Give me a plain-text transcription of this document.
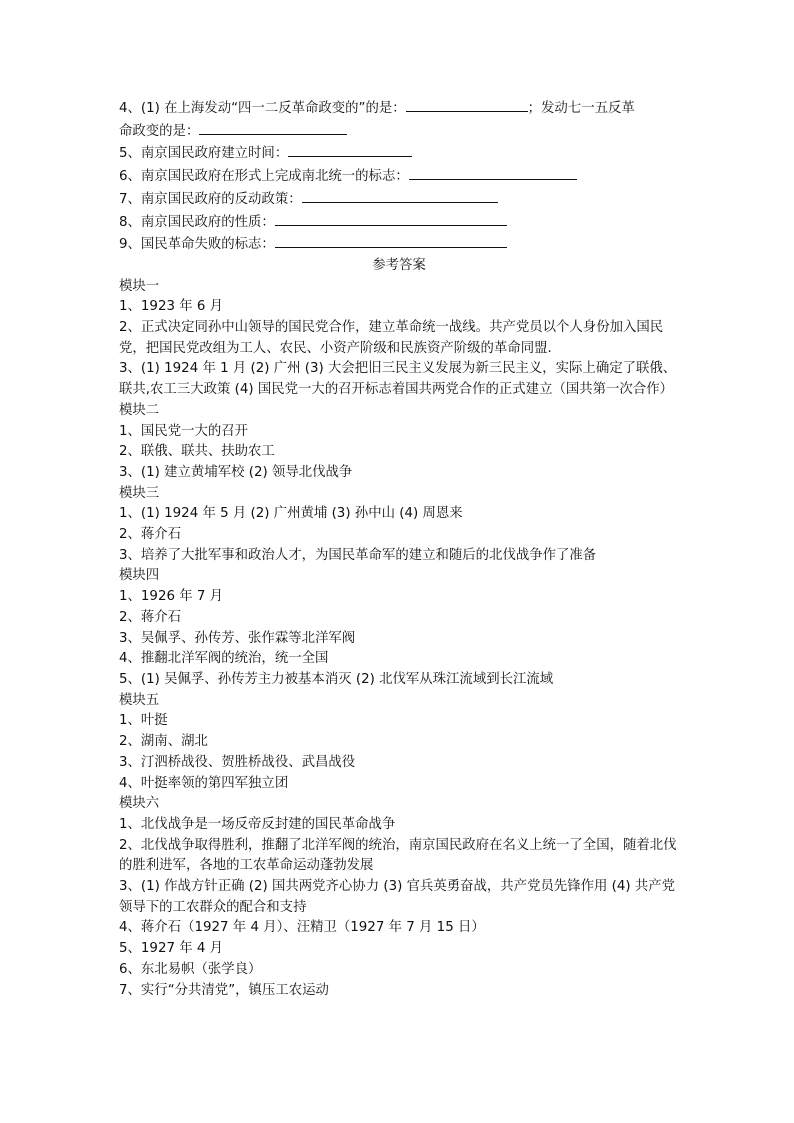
4、(1) 在上海发动“四一二反革命政变的”的是：	；发动七一五反革
命政变的是：
5、南京国民政府建立时间：
6、南京国民政府在形式上完成南北统一的标志：
7、南京国民政府的反动政策：
8、南京国民政府的性质：
9、国民革命失败的标志：
参考答案
模块一
1、1923 年 6 月
2、正式决定同孙中山领导的国民党合作，建立革命统一战线。共产党员以个人身份加入国民党，把国民党改组为工人、农民、小资产阶级和民族资产阶级的革命同盟.
3、(1) 1924 年 1 月 (2) 广州 (3) 大会把旧三民主义发展为新三民主义，实际上确定了联俄、联共,农工三大政策 (4) 国民党一大的召开标志着国共两党合作的正式建立（国共第一次合作）
模块二
1、国民党一大的召开
2、联俄、联共、扶助农工
3、(1) 建立黄埔军校 (2) 领导北伐战争
模块三
1、(1) 1924 年 5 月 (2) 广州黄埔 (3) 孙中山 (4) 周恩来
2、蒋介石
3、培养了大批军事和政治人才，为国民革命军的建立和随后的北伐战争作了准备
模块四
1、1926 年 7 月
2、蒋介石
3、吴佩孚、孙传芳、张作霖等北洋军阀
4、推翻北洋军阀的统治，统一全国
5、(1) 吴佩孚、孙传芳主力被基本消灭 (2) 北伐军从珠江流域到长江流域
模块五
1、叶挺
2、湖南、湖北
3、汀泗桥战役、贺胜桥战役、武昌战役
4、叶挺率领的第四军独立团
模块六
1、北伐战争是一场反帝反封建的国民革命战争
2、北伐战争取得胜利，推翻了北洋军阀的统治，南京国民政府在名义上统一了全国，随着北伐的胜利进军，各地的工农革命运动蓬勃发展
3、(1) 作战方针正确 (2) 国共两党齐心协力 (3) 官兵英勇奋战，共产党员先锋作用 (4) 共产党领导下的工农群众的配合和支持
4、蒋介石（1927 年 4 月）、汪精卫（1927 年 7 月 15 日）
5、1927 年 4 月
6、东北易帜（张学良）
7、实行“分共清党”，镇压工农运动
